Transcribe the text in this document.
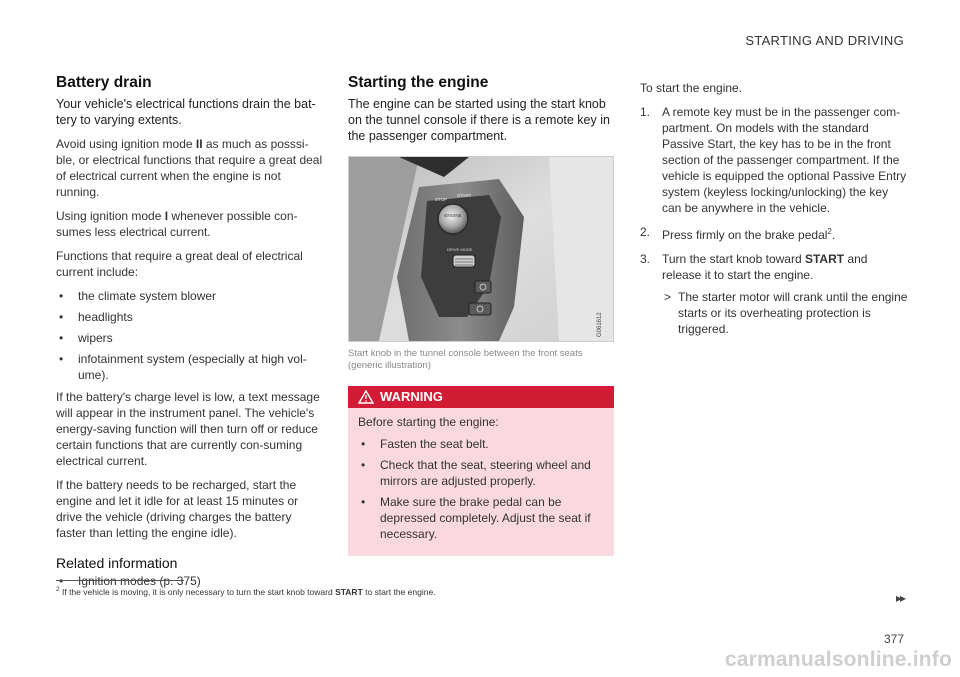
STARTING AND DRIVING
Battery drain

Your vehicle's electrical functions drain the bat-tery to varying extents.

Avoid using ignition mode II as much as posssi-ble, or electrical functions that require a great deal of electrical current when the engine is not running.

Using ignition mode I whenever possible con-sumes less electrical current.

Functions that require a great deal of electrical current include:

• the climate system blower
• headlights
• wipers
• infotainment system (especially at high vol-ume).

If the battery's charge level is low, a text message will appear in the instrument panel. The vehicle's energy-saving function will then turn off or reduce certain functions that are currently con-suming electrical current.

If the battery needs to be recharged, start the engine and let it idle for at least 15 minutes or drive the vehicle (driving charges the battery faster than letting the engine idle).

Related information
• Ignition modes (p. 375)
Starting the engine

The engine can be started using the start knob on the tunnel console if there is a remote key in the passenger compartment.

ENGINE
STOP
START
DRIVE MODE
G061612
Start knob in the tunnel console between the front seats (generic illustration)
WARNING

Before starting the engine:

• Fasten the seat belt.
• Check that the seat, steering wheel and mirrors are adjusted properly.
• Make sure the brake pedal can be depressed completely. Adjust the seat if necessary.

To start the engine.

1. A remote key must be in the passenger com-partment. On models with the standard Passive Start, the key has to be in the front section of the passenger compartment. If the vehicle is equipped the optional Passive Entry system (keyless locking/unlocking) the key can be anywhere in the vehicle.
2. Press firmly on the brake pedal$^2$.
3. Turn the start knob toward START and release it to start the engine.
> The starter motor will crank until the engine starts or its overheating protection is triggered.
$^2$ If the vehicle is moving, it is only necessary to turn the start knob toward START to start the engine.	▸▸
377
carmanualsonline.info
